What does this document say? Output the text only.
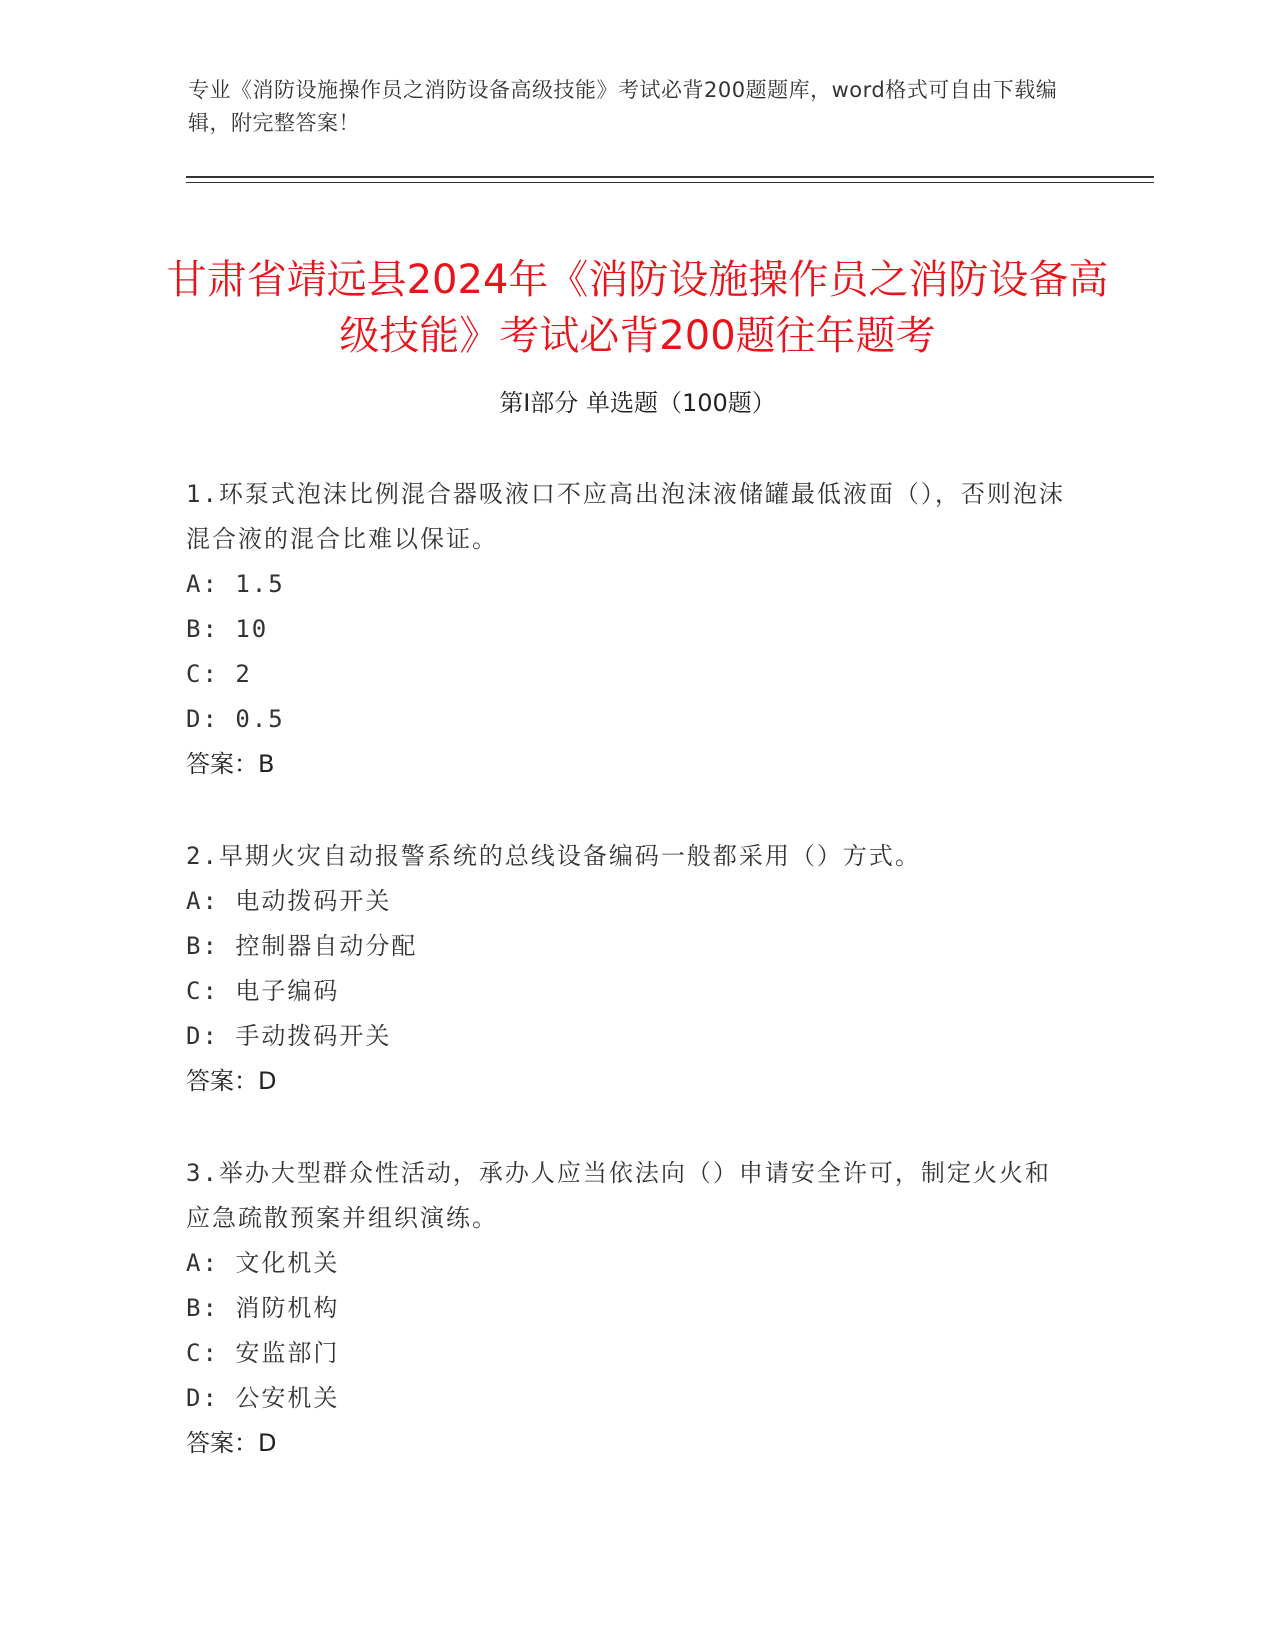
专业《消防设施操作员之消防设备高级技能》考试必背200题题库，word格式可自由下载编辑，附完整答案！
甘肃省靖远县2024年《消防设施操作员之消防设备高级技能》考试必背200题往年题考
第I部分 单选题（100题）
1.环泵式泡沫比例混合器吸液口不应高出泡沫液储罐最低液面（），否则泡沫混合液的混合比难以保证。
A: 1.5
B: 10
C: 2
D: 0.5
答案：B
2.早期火灾自动报警系统的总线设备编码一般都采用（）方式。
A: 电动拨码开关
B: 控制器自动分配
C: 电子编码
D: 手动拨码开关
答案：D
3.举办大型群众性活动，承办人应当依法向（）申请安全许可，制定火火和应急疏散预案并组织演练。
A: 文化机关
B: 消防机构
C: 安监部门
D: 公安机关
答案：D
